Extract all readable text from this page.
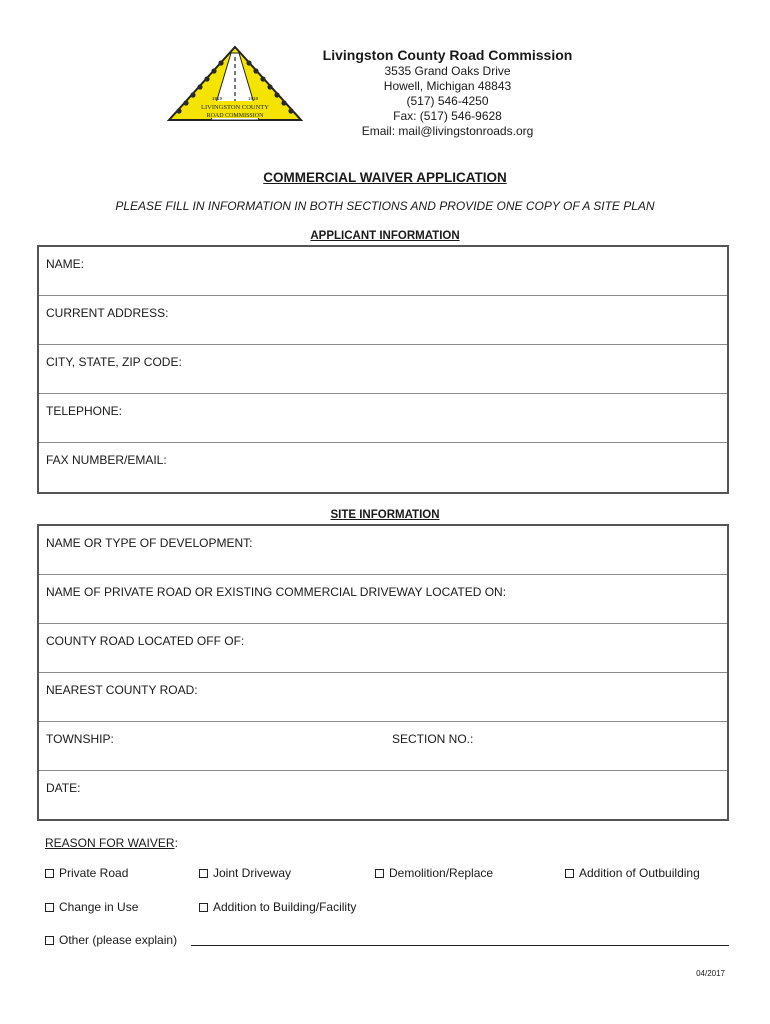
LIVINGSTON COUNTY
ROAD COMMISSION
1919	1919
Livingston County Road Commission
3535 Grand Oaks Drive
Howell, Michigan 48843
(517) 546-4250
Fax: (517) 546-9628
Email: mail@livingstonroads.org
COMMERCIAL WAIVER APPLICATION
PLEASE FILL IN INFORMATION IN BOTH SECTIONS AND PROVIDE ONE COPY OF A SITE PLAN
APPLICANT INFORMATION
NAME:
CURRENT ADDRESS:
CITY, STATE, ZIP CODE:
TELEPHONE:
FAX NUMBER/EMAIL:
SITE INFORMATION
NAME OR TYPE OF DEVELOPMENT:
NAME OF PRIVATE ROAD OR EXISTING COMMERCIAL DRIVEWAY LOCATED ON:
COUNTY ROAD LOCATED OFF OF:
NEAREST COUNTY ROAD:
TOWNSHIP:	SECTION NO.:
DATE:
REASON FOR WAIVER:
Private Road	Joint Driveway	Demolition/Replace	Addition of Outbuilding
Change in Use	Addition to Building/Facility
Other (please explain)
04/2017
